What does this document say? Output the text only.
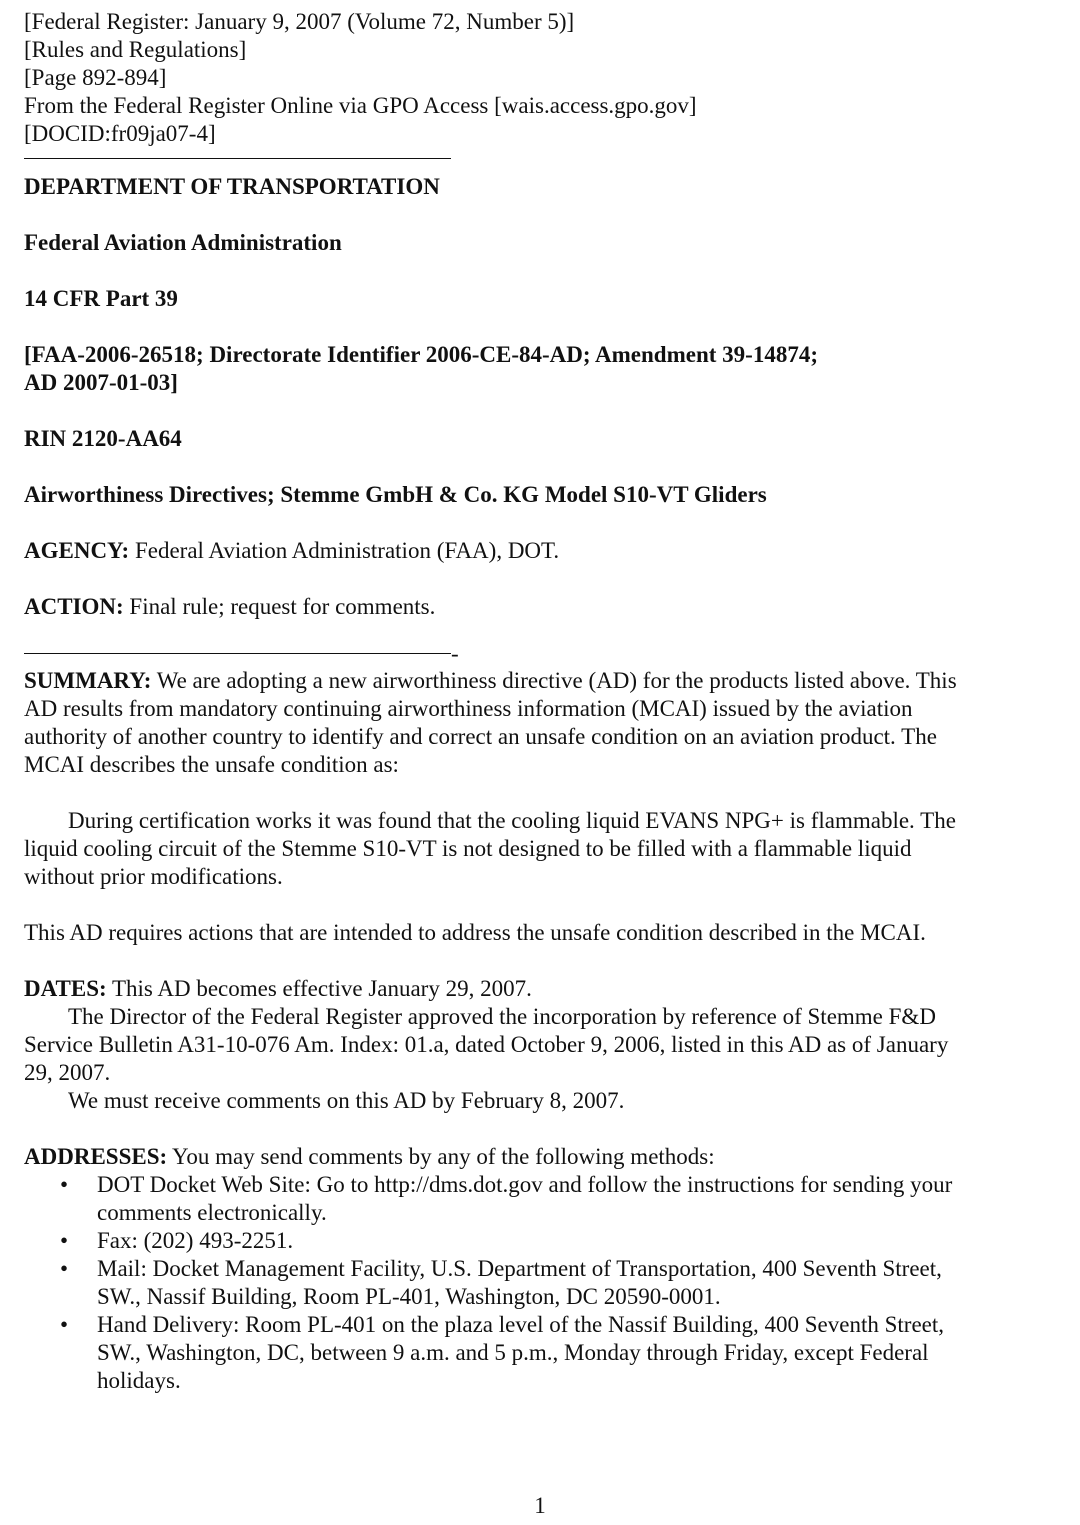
[Federal Register: January 9, 2007 (Volume 72, Number 5)]
[Rules and Regulations]
[Page 892-894]
From the Federal Register Online via GPO Access [wais.access.gpo.gov]
[DOCID:fr09ja07-4]
DEPARTMENT OF TRANSPORTATION
Federal Aviation Administration
14 CFR Part 39
[FAA-2006-26518; Directorate Identifier 2006-CE-84-AD; Amendment 39-14874;
AD 2007-01-03]
RIN 2120-AA64
Airworthiness Directives; Stemme GmbH & Co. KG Model S10-VT Gliders
AGENCY: Federal Aviation Administration (FAA), DOT.
ACTION: Final rule; request for comments.
-
SUMMARY: We are adopting a new airworthiness directive (AD) for the products listed above. This
AD results from mandatory continuing airworthiness information (MCAI) issued by the aviation
authority of another country to identify and correct an unsafe condition on an aviation product. The
MCAI describes the unsafe condition as:
During certification works it was found that the cooling liquid EVANS NPG+ is flammable. The
liquid cooling circuit of the Stemme S10-VT is not designed to be filled with a flammable liquid
without prior modifications.
This AD requires actions that are intended to address the unsafe condition described in the MCAI.
DATES: This AD becomes effective January 29, 2007.
The Director of the Federal Register approved the incorporation by reference of Stemme F&D
Service Bulletin A31-10-076 Am. Index: 01.a, dated October 9, 2006, listed in this AD as of January
29, 2007.
We must receive comments on this AD by February 8, 2007.
ADDRESSES: You may send comments by any of the following methods:
• DOT Docket Web Site: Go to http://dms.dot.gov and follow the instructions for sending your
comments electronically.
• Fax: (202) 493-2251.
• Mail: Docket Management Facility, U.S. Department of Transportation, 400 Seventh Street,
SW., Nassif Building, Room PL-401, Washington, DC 20590-0001.
• Hand Delivery: Room PL-401 on the plaza level of the Nassif Building, 400 Seventh Street,
SW., Washington, DC, between 9 a.m. and 5 p.m., Monday through Friday, except Federal
holidays.
1
